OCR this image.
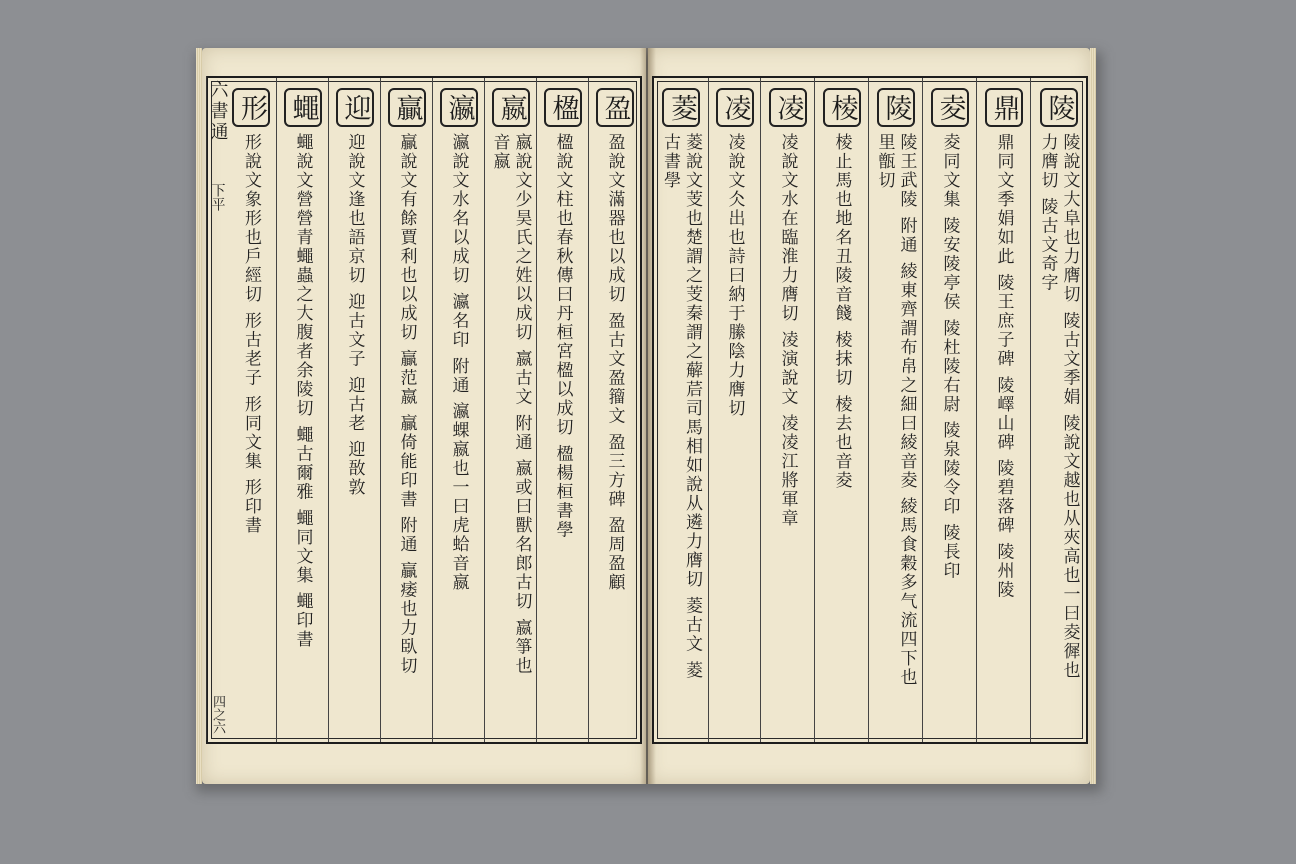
盈
盈說文滿器也以成切 盈古文盈籀文 盈三方碑 盈周盈顧
楹
楹說文柱也春秋傳曰丹桓宮楹以成切 楹楊桓書學
嬴
嬴說文少昊氏之姓以成切 嬴古文 附通 嬴或曰獸名郎古切 嬴箏也音嬴
瀛
瀛說文水名以成切 瀛名印 附通 瀛蜾嬴也一曰虎蛤音嬴
贏
贏說文有餘賈利也以成切 贏范嬴 贏倚能印書 附通 贏痿也力臥切
迎
迎說文逢也語京切 迎古文子 迎古老 迎敔敦
蠅
蠅說文營營青蠅蟲之大腹者余陵切 蠅古爾雅 蠅同文集 蠅印書
形
形說文象形也戶經切 形古老子 形同文集 形印書
六書通
下平
四之六
陵
陵說文大阜也力膺切 陵古文季娟 陵說文越也从夾高也一曰夌徲也力膺切 陵古文奇字
鼎
鼎同文季娟如此 陵王庶子碑 陵嶧山碑 陵碧落碑 陵州陵
夌
夌同文集 陵安陵亭侯 陵杜陵右尉 陵泉陵令印 陵長印
陵
陵王武陵 附通 綾東齊謂布帛之細曰綾音夌 綾馬食穀多气流四下也里甑切
棱
棱止馬也地名丑陵音餞 棱抹切 棱去也音夌
凌
凌說文水在臨淮力膺切 凌演說文 凌凌江將軍章
凌
凌說文仌出也詩曰納于縢陰力膺切
菱
菱說文芰也楚謂之芰秦謂之薢茩司馬相如說从遴力膺切 菱古文 菱古書學
